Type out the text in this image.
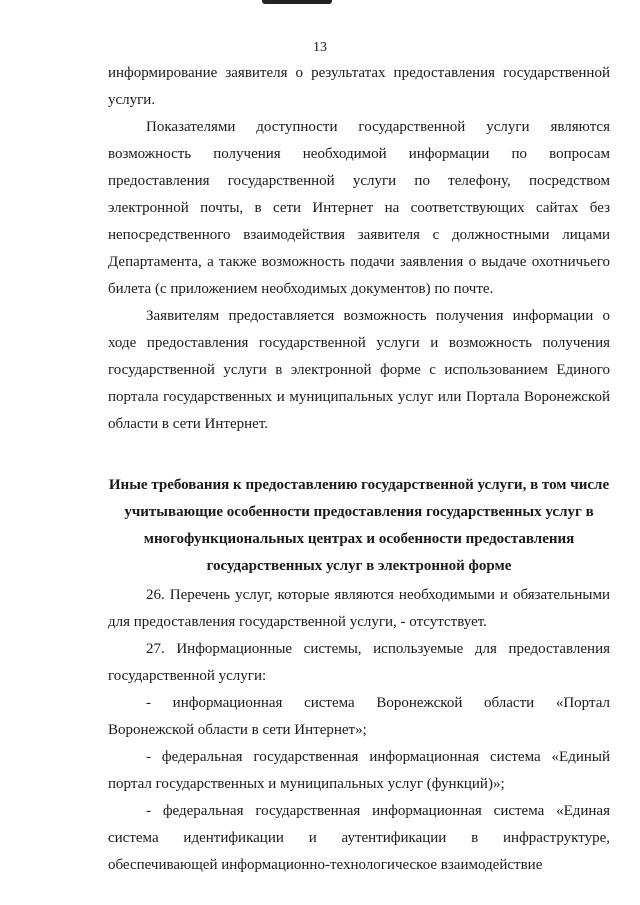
13

информирование заявителя о результатах предоставления государственной услуги.

Показателями доступности государственной услуги являются возможность получения необходимой информации по вопросам предоставления государственной услуги по телефону, посредством электронной почты, в сети Интернет на соответствующих сайтах без непосредственного взаимодействия заявителя с должностными лицами Департамента, а также возможность подачи заявления о выдаче охотничьего билета (с приложением необходимых документов) по почте.

Заявителям предоставляется возможность получения информации о ходе предоставления государственной услуги и возможность получения государственной услуги в электронной форме с использованием Единого портала государственных и муниципальных услуг или Портала Воронежской области в сети Интернет.

Иные требования к предоставлению государственной услуги, в том числе учитывающие особенности предоставления государственных услуг в многофункциональных центрах и особенности предоставления государственных услуг в электронной форме

26. Перечень услуг, которые являются необходимыми и обязательными для предоставления государственной услуги, - отсутствует.

27. Информационные системы, используемые для предоставления государственной услуги:

- информационная система Воронежской области «Портал Воронежской области в сети Интернет»;

- федеральная государственная информационная система «Единый портал государственных и муниципальных услуг (функций)»;

- федеральная государственная информационная система «Единая система идентификации и аутентификации в инфраструктуре, обеспечивающей информационно-технологическое взаимодействие
